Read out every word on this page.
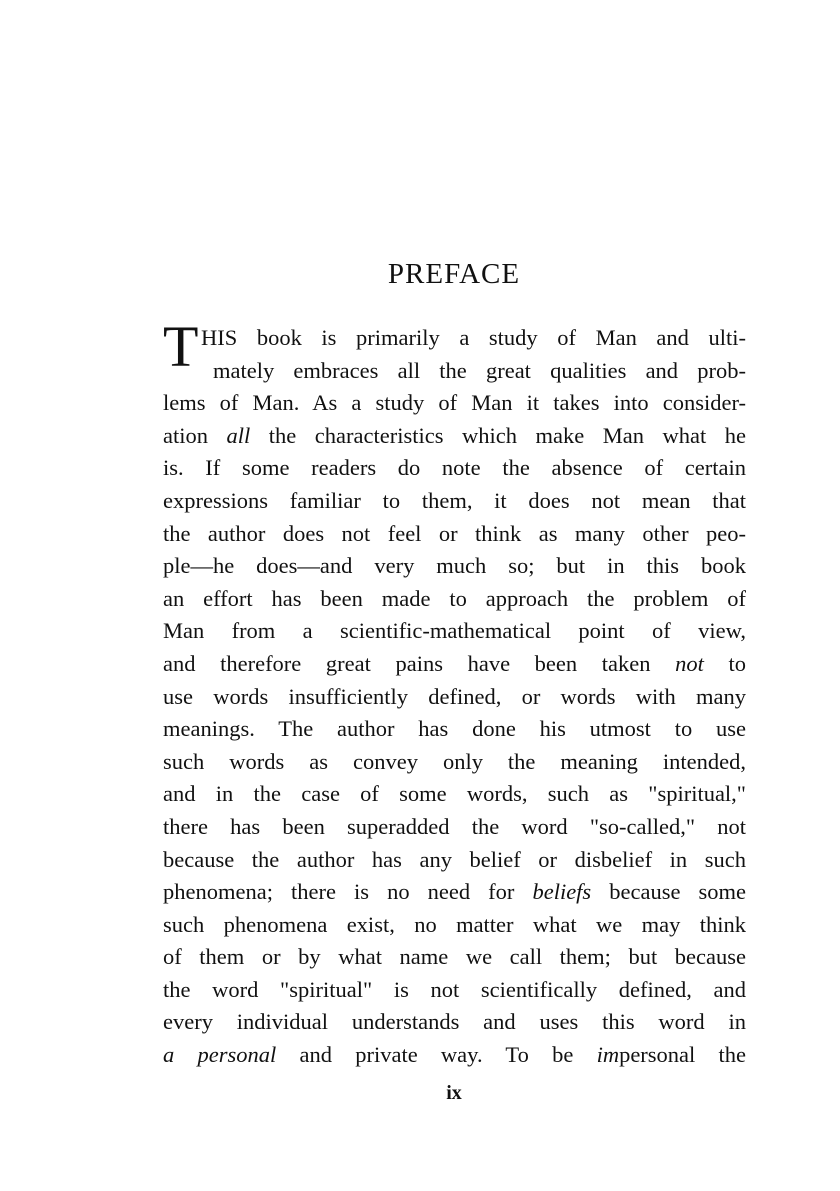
PREFACE
T HIS book is primarily a study of Man and ulti-
mately embraces all the great qualities and prob-
lems of Man. As a study of Man it takes into consider-
ation all the characteristics which make Man what he
is. If some readers do note the absence of certain
expressions familiar to them, it does not mean that
the author does not feel or think as many other peo-
ple—he does—and very much so; but in this book
an effort has been made to approach the problem of
Man from a scientific-mathematical point of view,
and therefore great pains have been taken not to
use words insufficiently defined, or words with many
meanings. The author has done his utmost to use
such words as convey only the meaning intended,
and in the case of some words, such as "spiritual,"
there has been superadded the word "so-called," not
because the author has any belief or disbelief in such
phenomena; there is no need for beliefs because some
such phenomena exist, no matter what we may think
of them or by what name we call them; but because
the word "spiritual" is not scientifically defined, and
every individual understands and uses this word in
a personal and private way. To be impersonal the
ix
